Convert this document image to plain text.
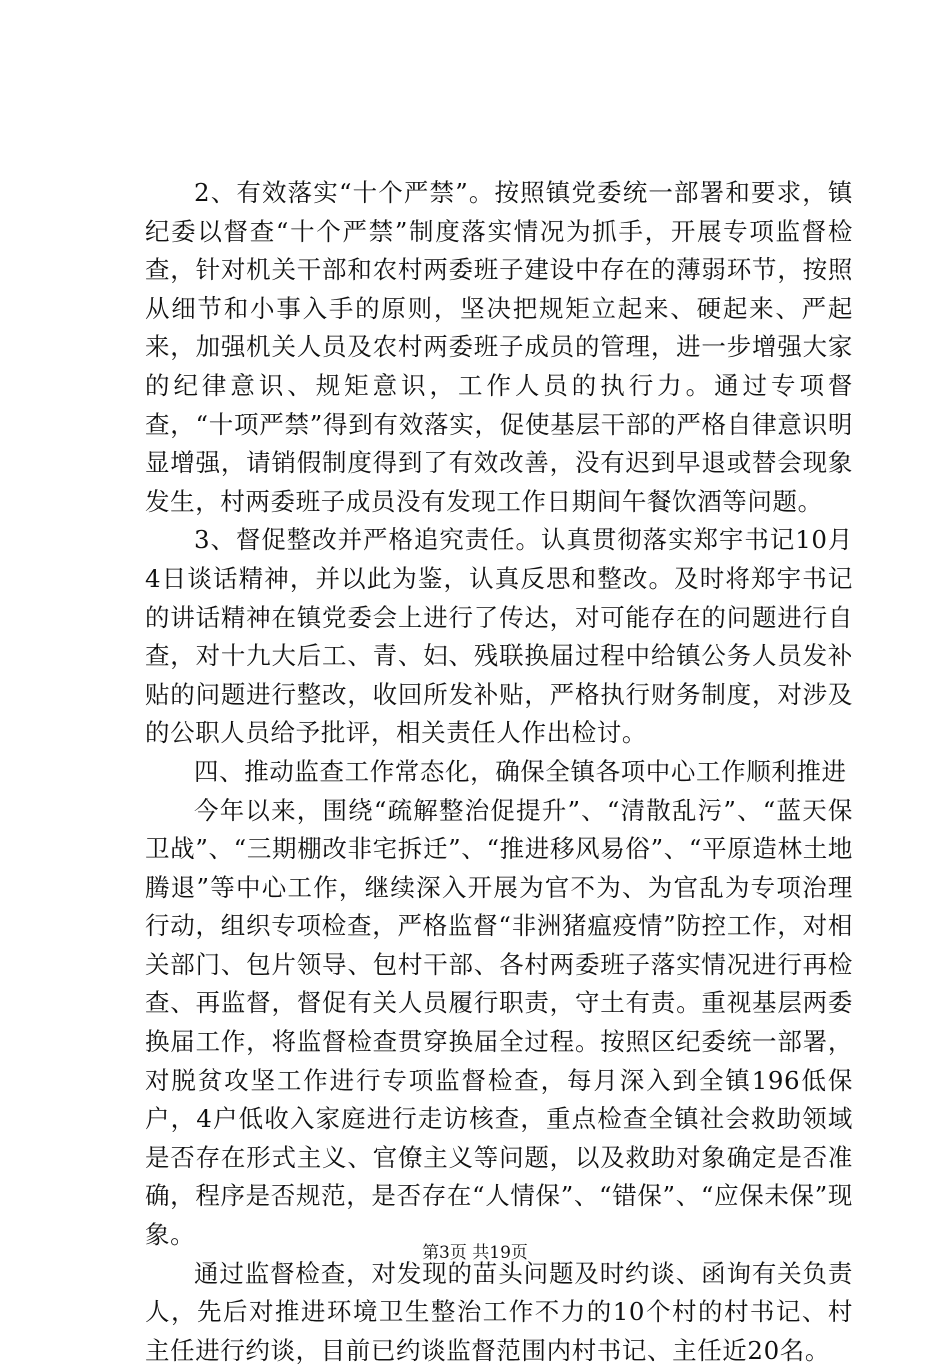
2、有效落实“十个严禁”。按照镇党委统一部署和要求，镇纪委以督查“十个严禁”制度落实情况为抓手，开展专项监督检查，针对机关干部和农村两委班子建设中存在的薄弱环节，按照从细节和小事入手的原则，坚决把规矩立起来、硬起来、严起来，加强机关人员及农村两委班子成员的管理，进一步增强大家的纪律意识、规矩意识，工作人员的执行力。通过专项督查，“十项严禁”得到有效落实，促使基层干部的严格自律意识明显增强，请销假制度得到了有效改善，没有迟到早退或替会现象发生，村两委班子成员没有发现工作日期间午餐饮酒等问题。

3、督促整改并严格追究责任。认真贯彻落实郑宇书记10月4日谈话精神，并以此为鉴，认真反思和整改。及时将郑宇书记的讲话精神在镇党委会上进行了传达，对可能存在的问题进行自查，对十九大后工、青、妇、残联换届过程中给镇公务人员发补贴的问题进行整改，收回所发补贴，严格执行财务制度，对涉及的公职人员给予批评，相关责任人作出检讨。

四、推动监查工作常态化，确保全镇各项中心工作顺利推进

今年以来，围绕“疏解整治促提升”、“清散乱污”、“蓝天保卫战”、“三期棚改非宅拆迁”、“推进移风易俗”、“平原造林土地腾退”等中心工作，继续深入开展为官不为、为官乱为专项治理行动，组织专项检查，严格监督“非洲猪瘟疫情”防控工作，对相关部门、包片领导、包村干部、各村两委班子落实情况进行再检查、再监督，督促有关人员履行职责，守土有责。重视基层两委换届工作，将监督检查贯穿换届全过程。按照区纪委统一部署，对脱贫攻坚工作进行专项监督检查，每月深入到全镇196低保户，4户低收入家庭进行走访核查，重点检查全镇社会救助领域是否存在形式主义、官僚主义等问题，以及救助对象确定是否准确，程序是否规范，是否存在“人情保”、“错保”、“应保未保”现象。

通过监督检查，对发现的苗头问题及时约谈、函询有关负责人，先后对推进环境卫生整治工作不力的10个村的村书记、村主任进行约谈，目前已约谈监督范围内村书记、主任近20名。

第3页 共19页
